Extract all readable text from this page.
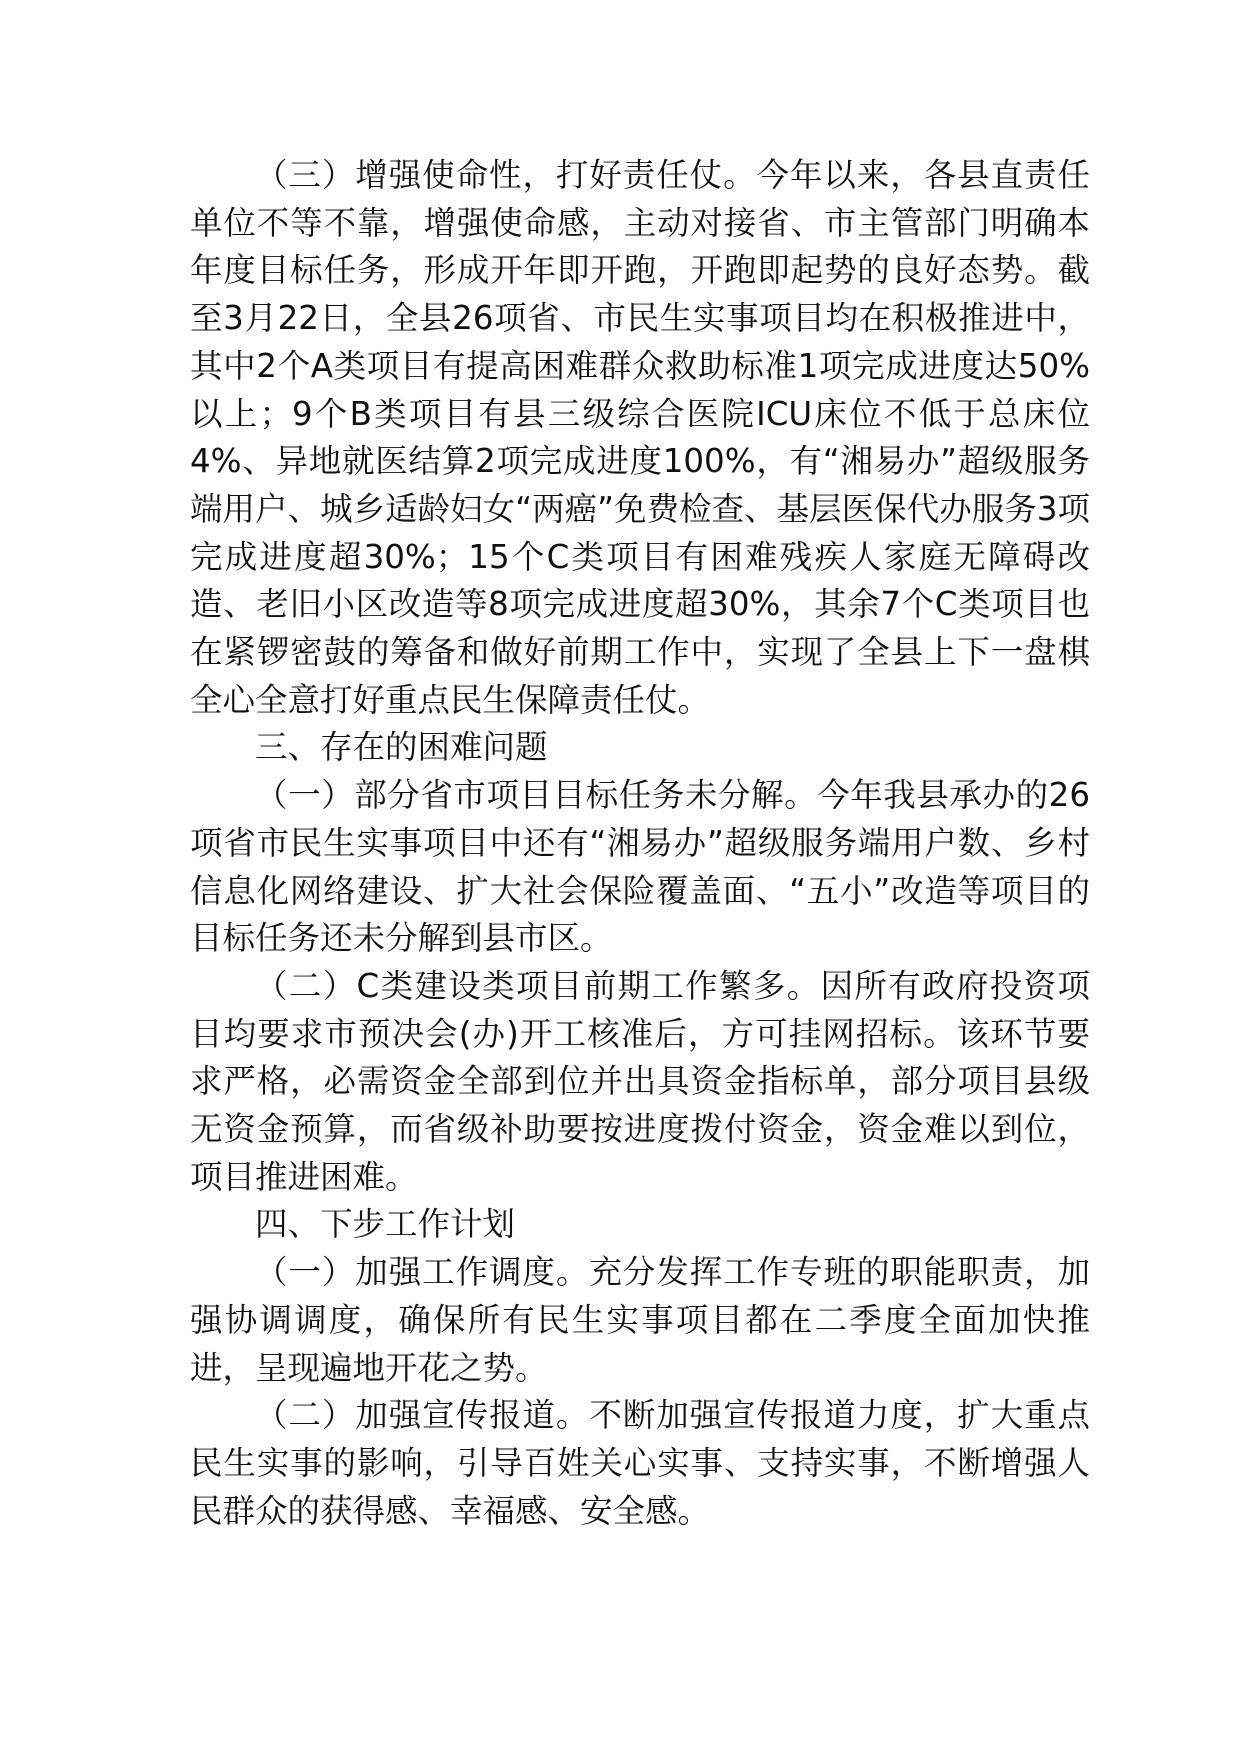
（三）增强使命性，打好责任仗。今年以来，各县直责任单位不等不靠，增强使命感，主动对接省、市主管部门明确本年度目标任务，形成开年即开跑，开跑即起势的良好态势。截至3月22日，全县26项省、市民生实事项目均在积极推进中，其中2个A类项目有提高困难群众救助标准1项完成进度达50%以上；9个B类项目有县三级综合医院ICU床位不低于总床位4%、异地就医结算2项完成进度100%，有“湘易办”超级服务端用户、城乡适龄妇女“两癌”免费检查、基层医保代办服务3项完成进度超30%；15个C类项目有困难残疾人家庭无障碍改造、老旧小区改造等8项完成进度超30%，其余7个C类项目也在紧锣密鼓的筹备和做好前期工作中，实现了全县上下一盘棋全心全意打好重点民生保障责任仗。

三、存在的困难问题

（一）部分省市项目目标任务未分解。今年我县承办的26项省市民生实事项目中还有“湘易办”超级服务端用户数、乡村信息化网络建设、扩大社会保险覆盖面、“五小”改造等项目的目标任务还未分解到县市区。

（二）C类建设类项目前期工作繁多。因所有政府投资项目均要求市预决会(办)开工核准后，方可挂网招标。该环节要求严格，必需资金全部到位并出具资金指标单，部分项目县级无资金预算，而省级补助要按进度拨付资金，资金难以到位，项目推进困难。

四、下步工作计划

（一）加强工作调度。充分发挥工作专班的职能职责，加强协调调度，确保所有民生实事项目都在二季度全面加快推进，呈现遍地开花之势。

（二）加强宣传报道。不断加强宣传报道力度，扩大重点民生实事的影响，引导百姓关心实事、支持实事，不断增强人民群众的获得感、幸福感、安全感。
